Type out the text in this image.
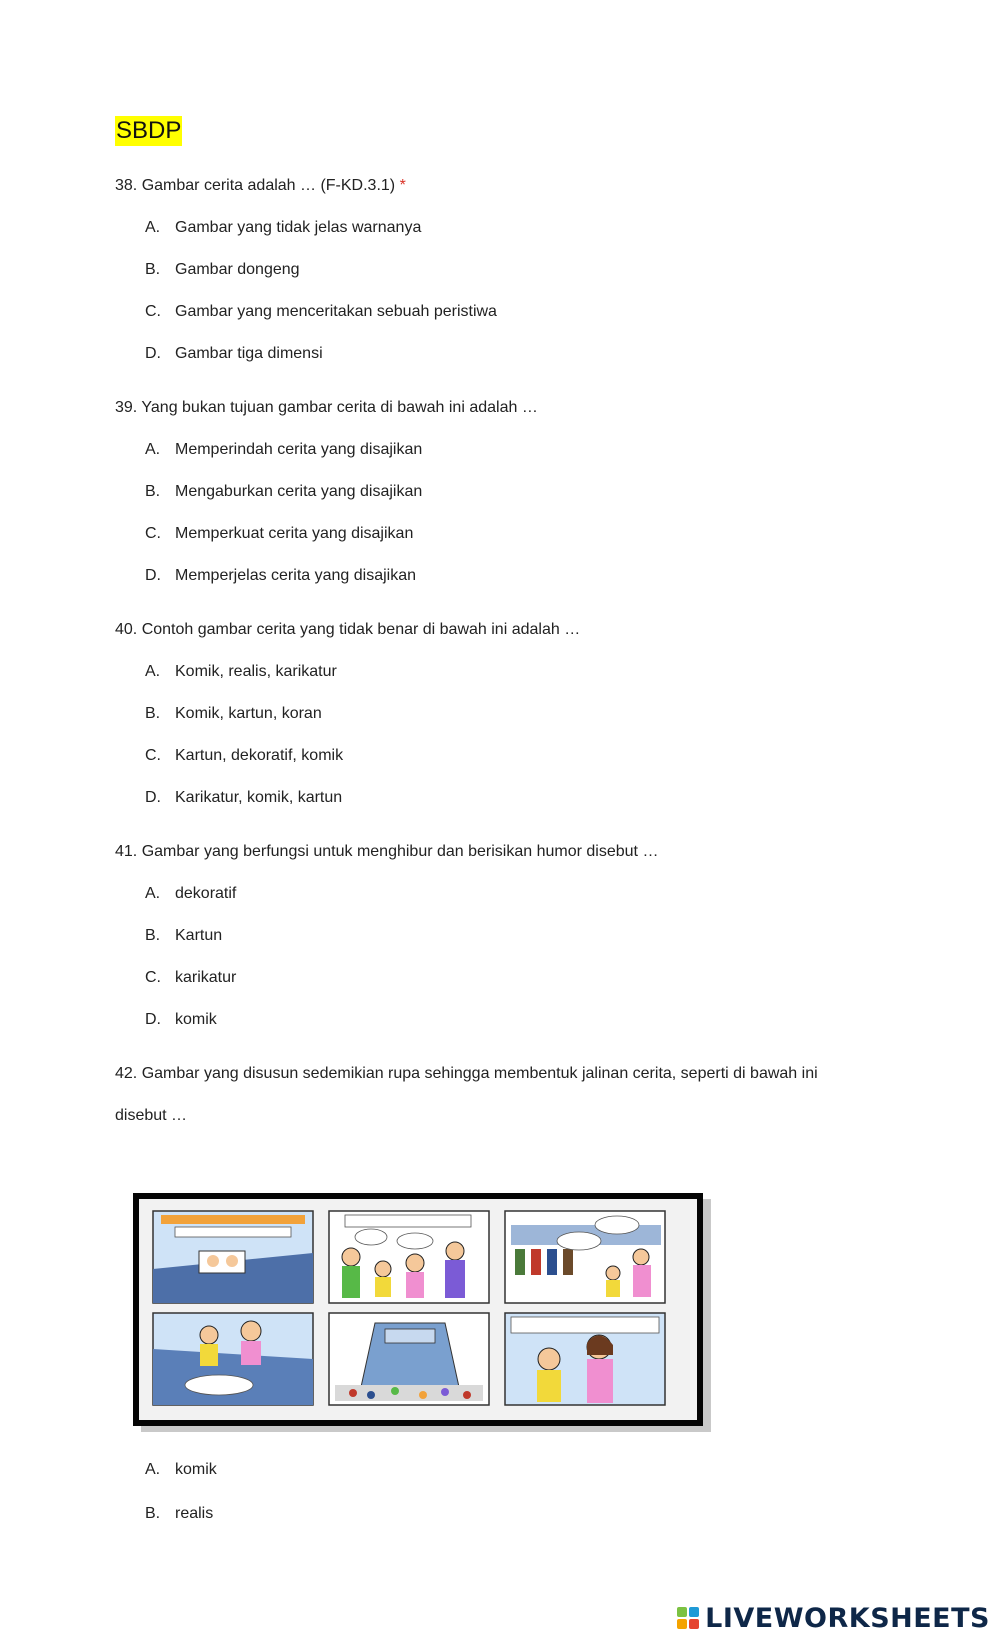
SBDP
38. Gambar cerita adalah … (F-KD.3.1) *
A. Gambar yang tidak jelas warnanya
B. Gambar dongeng
C. Gambar yang menceritakan sebuah peristiwa
D. Gambar tiga dimensi
39. Yang bukan tujuan gambar cerita di bawah ini adalah …
A. Memperindah cerita yang disajikan
B. Mengaburkan cerita yang disajikan
C. Memperkuat cerita yang disajikan
D. Memperjelas cerita yang disajikan
40. Contoh gambar cerita yang tidak benar di bawah ini adalah …
A. Komik, realis, karikatur
B. Komik, kartun, koran
C. Kartun, dekoratif, komik
D. Karikatur, komik, kartun
41. Gambar yang berfungsi untuk menghibur dan berisikan humor disebut …
A. dekoratif
B. Kartun
C. karikatur
D. komik
42. Gambar yang disusun sedemikian rupa sehingga membentuk jalinan cerita, seperti di bawah ini
disebut …
A. komik
B. realis
LIVEWORKSHEETS
